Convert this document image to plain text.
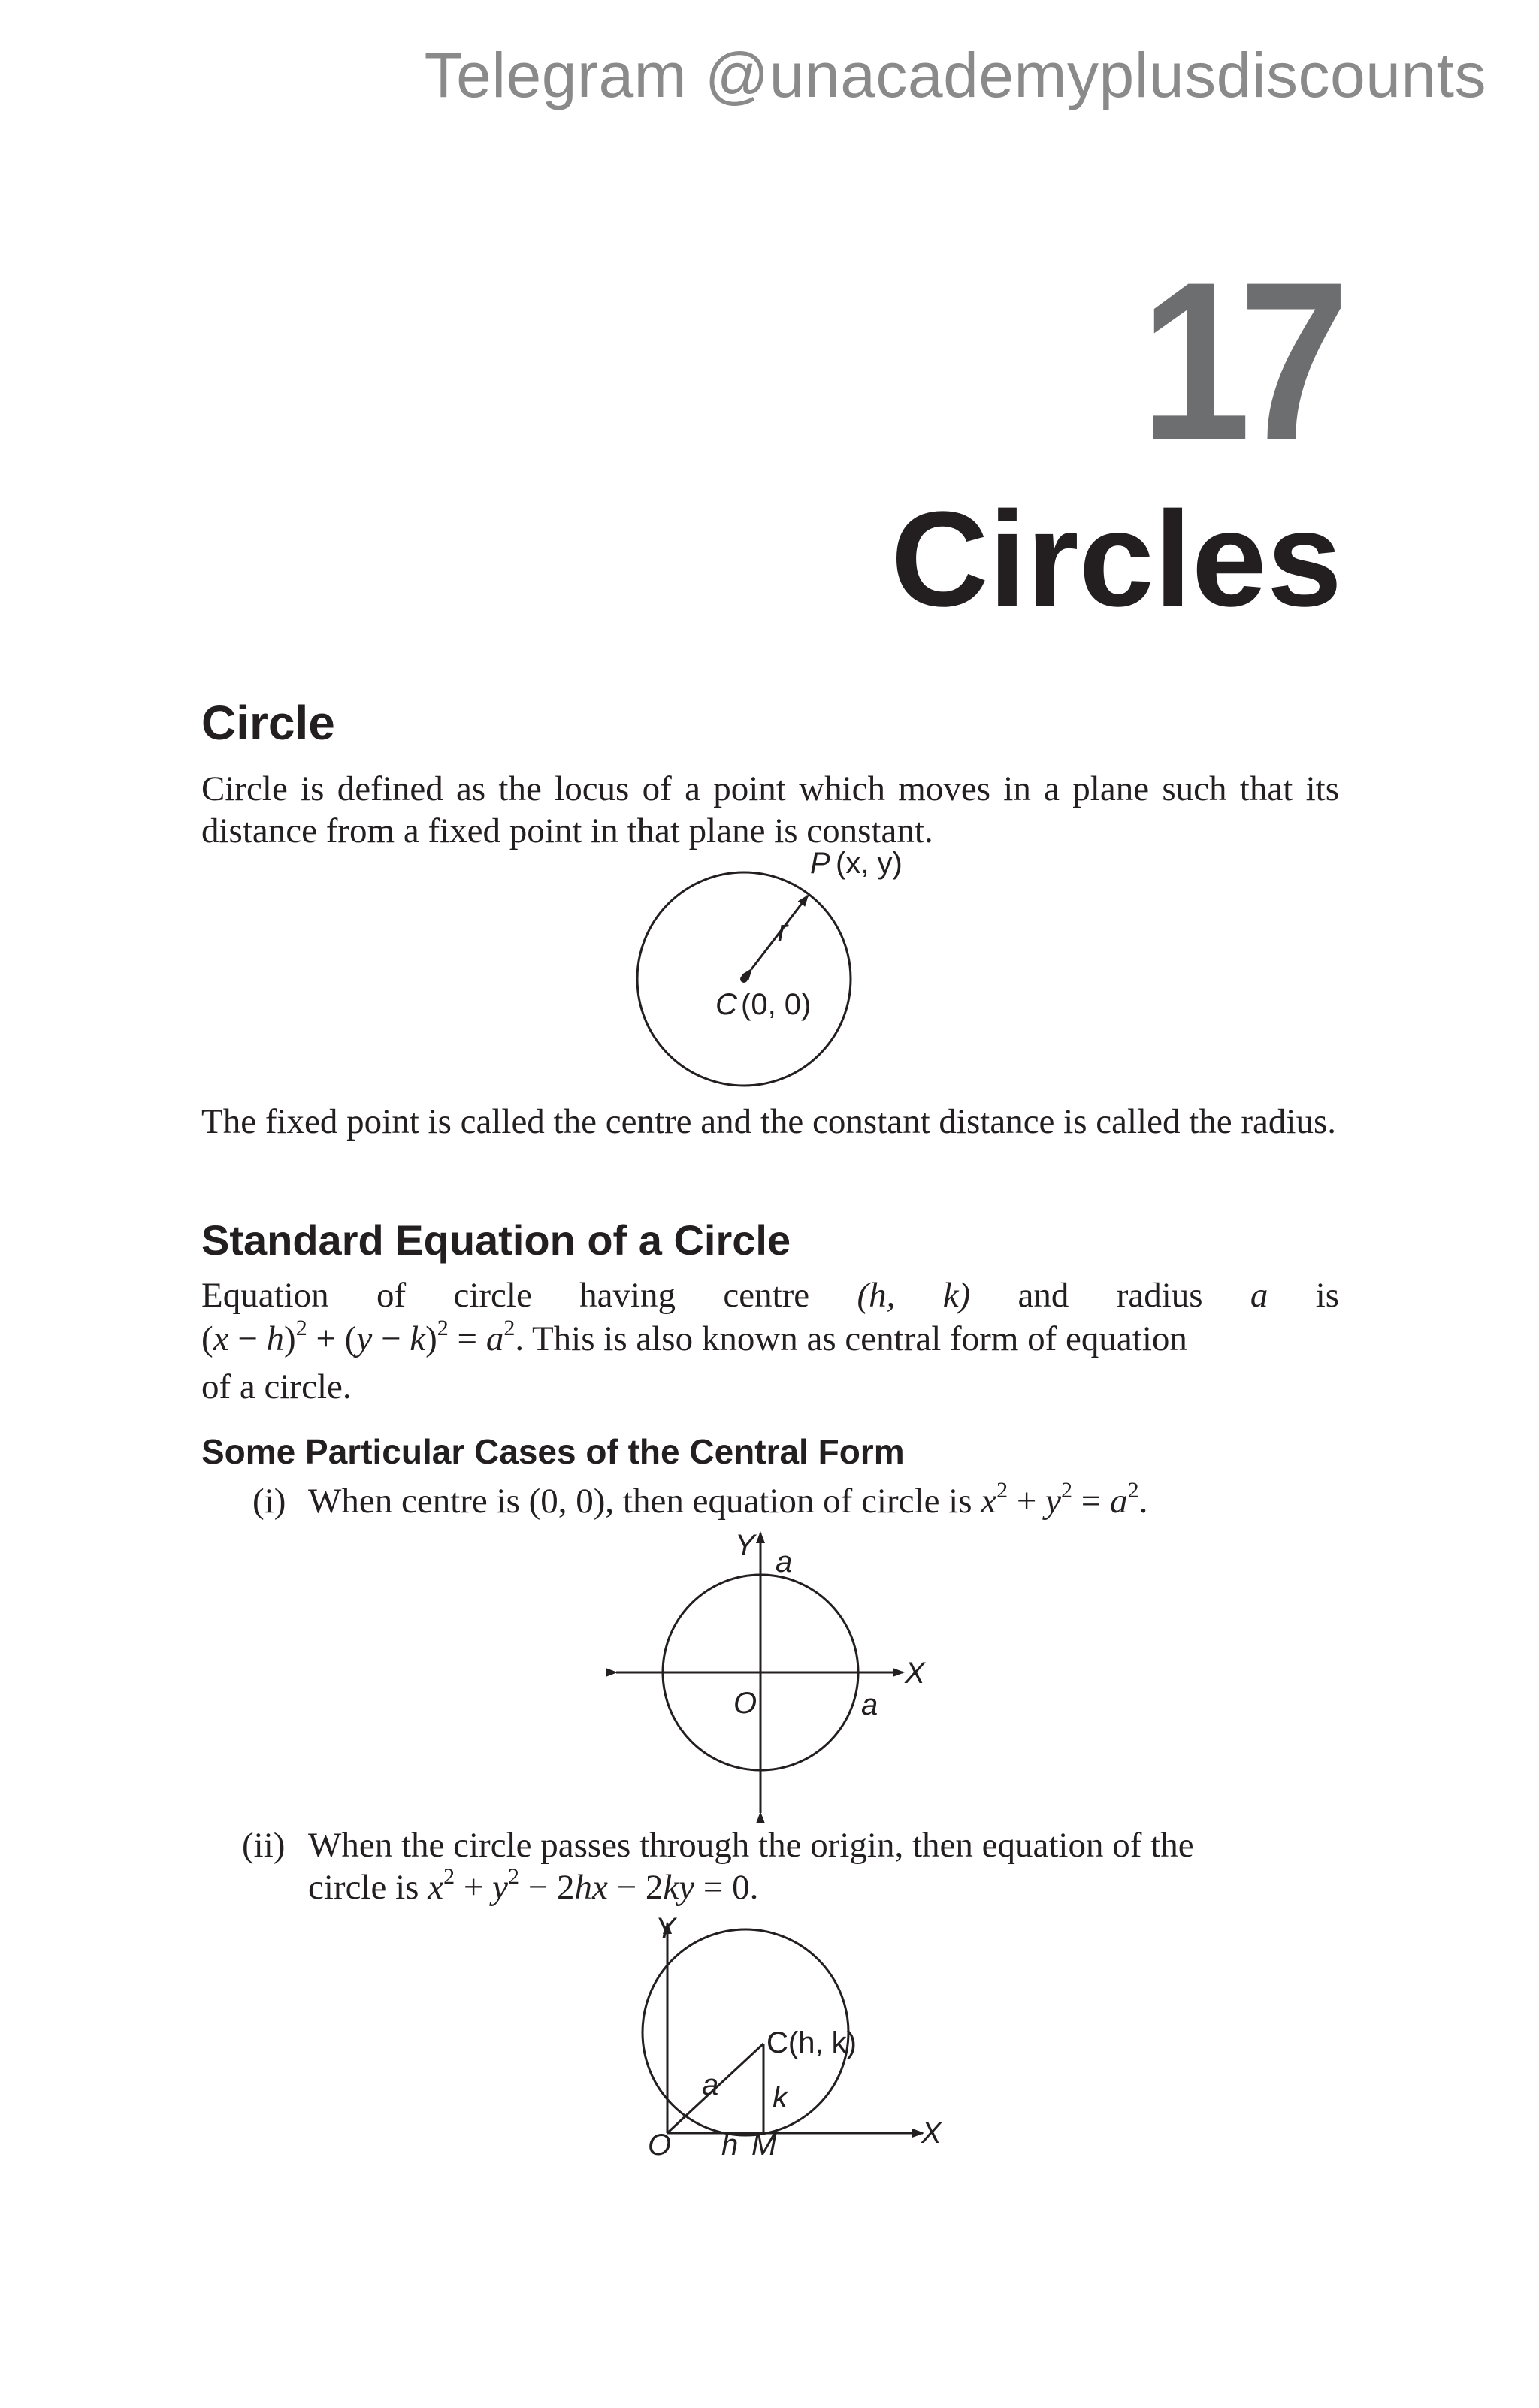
Telegram @unacademyplusdiscounts
17
Circles
Circle
Circle is defined as the locus of a point which moves in a plane such that its distance from a fixed point in that plane is constant.
P (x, y)
r
C (0, 0)
The fixed point is called the centre and the constant distance is called the radius.
Standard Equation of a Circle
Equation of circle having centre (h, k) and radius a is
$(x - h)^2 + (y - k)^2 = a^2$. This is also known as central form of equation
of a circle.
Some Particular Cases of the Central Form
(i) When centre is (0, 0), then equation of circle is $x^2 + y^2 = a^2$.
Y a
X
O	a
(ii) When the circle passes through the origin, then equation of the
circle is $x^2 + y^2 - 2hx - 2ky = 0$.
Y
C(h, k)
a k
O h M	X
